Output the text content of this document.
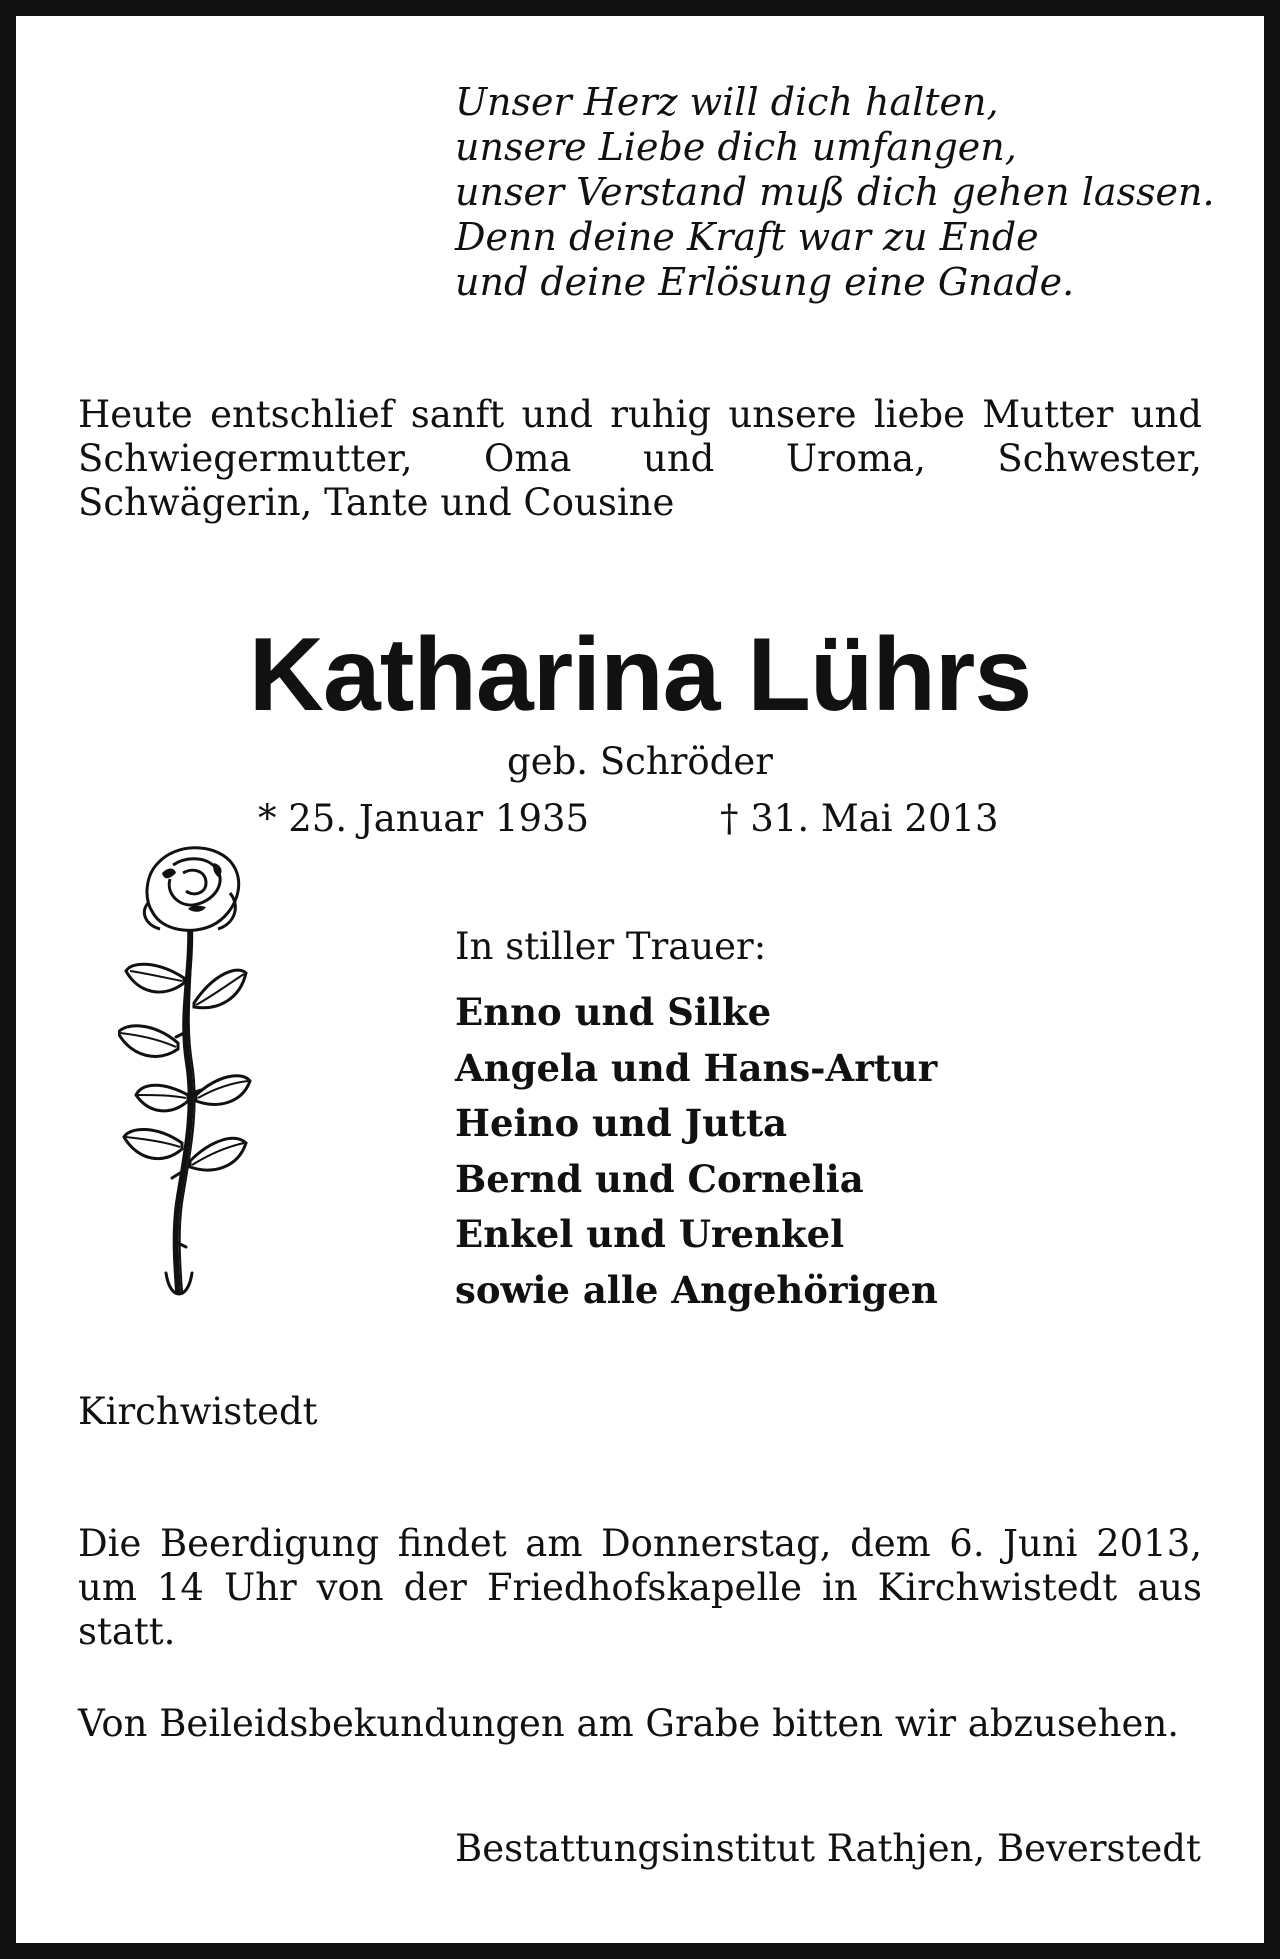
Unser Herz will dich halten,
unsere Liebe dich umfangen,
unser Verstand muß dich gehen lassen.
Denn deine Kraft war zu Ende
und deine Erlösung eine Gnade.
Heute entschlief sanft und ruhig unsere liebe Mutter und Schwiegermutter, Oma und Uroma, Schwester, Schwägerin, Tante und Cousine
Katharina Lührs
geb. Schröder
* 25. Januar 1935	† 31. Mai 2013
In stiller Trauer:
Enno und Silke
Angela und Hans-Artur
Heino und Jutta
Bernd und Cornelia
Enkel und Urenkel
sowie alle Angehörigen
Kirchwistedt
Die Beerdigung findet am Donnerstag, dem 6. Juni 2013, um 14 Uhr von der Friedhofskapelle in Kirchwistedt aus statt.
Von Beileidsbekundungen am Grabe bitten wir abzusehen.
Bestattungsinstitut Rathjen, Beverstedt
